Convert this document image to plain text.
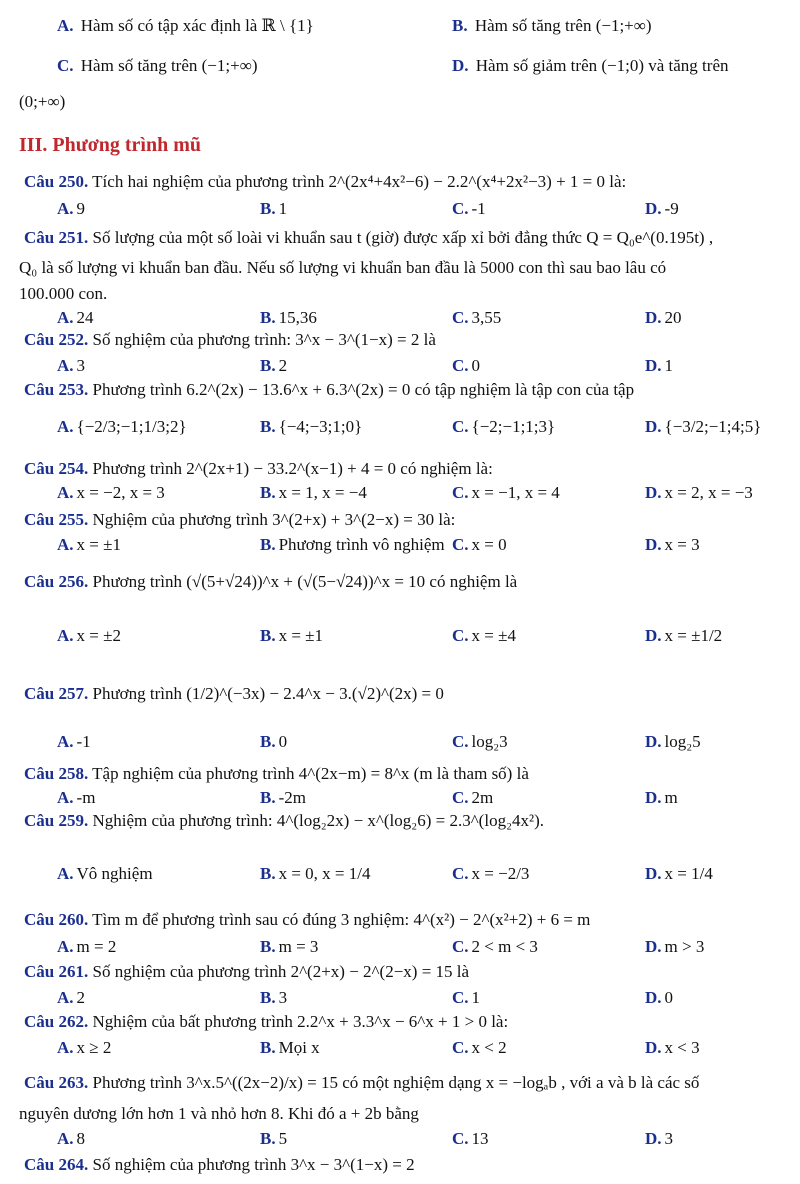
A. Hàm số có tập xác định là ℝ \ {1}	B. Hàm số tăng trên (−1;+∞)
C. Hàm số tăng trên (−1;+∞)	D. Hàm số giảm trên (−1;0) và tăng trên
(0;+∞)
III. Phương trình mũ
Câu 250. Tích hai nghiệm của phương trình 2^(2x⁴+4x²−6) − 2.2^(x⁴+2x²−3) + 1 = 0 là:
A. 9	B. 1	C. -1	D. -9
Câu 251. Số lượng của một số loài vi khuẩn sau t (giờ) được xấp xỉ bởi đẳng thức Q = Q₀e^(0.195t) ,
Q₀ là số lượng vi khuẩn ban đầu. Nếu số lượng vi khuẩn ban đầu là 5000 con thì sau bao lâu có
100.000 con.
A. 24	B. 15,36	C. 3,55	D. 20
Câu 252. Số nghiệm của phương trình: 3^x − 3^(1−x) = 2 là
A. 3	B. 2	C. 0	D. 1
Câu 253. Phương trình 6.2^(2x) − 13.6^x + 6.3^(2x) = 0 có tập nghiệm là tập con của tập
A. {−2/3;−1;1/3;2}	B. {−4;−3;1;0}	C. {−2;−1;1;3}	D. {−3/2;−1;4;5}
Câu 254. Phương trình 2^(2x+1) − 33.2^(x−1) + 4 = 0 có nghiệm là:
A. x = −2, x = 3	B. x = 1, x = −4	C. x = −1, x = 4	D. x = 2, x = −3
Câu 255. Nghiệm của phương trình 3^(2+x) + 3^(2−x) = 30 là:
A. x = ±1	B. Phương trình vô nghiệm C. x = 0	D. x = 3
Câu 256. Phương trình (√(5+√24))^x + (√(5−√24))^x = 10 có nghiệm là
A. x = ±2	B. x = ±1	C. x = ±4	D. x = ±1/2
Câu 257. Phương trình (1/2)^(−3x) − 2.4^x − 3.(√2)^(2x) = 0
A. -1	B. 0	C. log₂3	D. log₂5
Câu 258. Tập nghiệm của phương trình 4^(2x−m) = 8^x (m là tham số) là
A. -m	B. -2m	C. 2m	D. m
Câu 259. Nghiệm của phương trình: 4^(log₂2x) − x^(log₂6) = 2.3^(log₂4x²).
A. Vô nghiệm	B. x = 0, x = 1/4	C. x = −2/3	D. x = 1/4
Câu 260. Tìm m để phương trình sau có đúng 3 nghiệm: 4^(x²) − 2^(x²+2) + 6 = m
A. m = 2	B. m = 3	C. 2 < m < 3	D. m > 3
Câu 261. Số nghiệm của phương trình 2^(2+x) − 2^(2−x) = 15 là
A. 2	B. 3	C. 1	D. 0
Câu 262. Nghiệm của bất phương trình 2.2^x + 3.3^x − 6^x + 1 > 0 là:
A. x ≥ 2	B. Mọi x	C. x < 2	D. x < 3
Câu 263. Phương trình 3^x.5^((2x−2)/x) = 15 có một nghiệm dạng x = −logₐb , với a và b là các số
nguyên dương lớn hơn 1 và nhỏ hơn 8. Khi đó a + 2b bằng
A. 8	B. 5	C. 13	D. 3
Câu 264. Số nghiệm của phương trình 3^x − 3^(1−x) = 2
